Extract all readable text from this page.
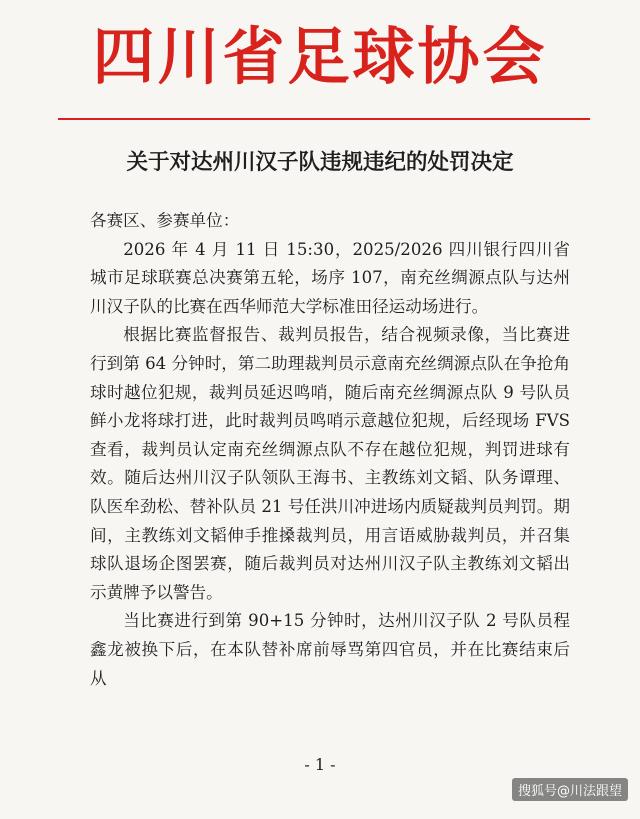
四川省足球协会
关于对达州川汉子队违规违纪的处罚决定

各赛区、参赛单位：

2026 年 4 月 11 日 15:30，2025/2026 四川银行四川省城市足球联赛总决赛第五轮，场序 107，南充丝绸源点队与达州川汉子队的比赛在西华师范大学标准田径运动场进行。

根据比赛监督报告、裁判员报告，结合视频录像，当比赛进行到第 64 分钟时，第二助理裁判员示意南充丝绸源点队在争抢角球时越位犯规，裁判员延迟鸣哨，随后南充丝绸源点队 9 号队员鲜小龙将球打进，此时裁判员鸣哨示意越位犯规，后经现场 FVS 查看，裁判员认定南充丝绸源点队不存在越位犯规，判罚进球有效。随后达州川汉子队领队王海书、主教练刘文韬、队务谭理、队医牟劲松、替补队员 21 号任洪川冲进场内质疑裁判员判罚。期间，主教练刘文韬伸手推搡裁判员，用言语威胁裁判员，并召集球队退场企图罢赛，随后裁判员对达州川汉子队主教练刘文韬出示黄牌予以警告。

当比赛进行到第 90+15 分钟时，达州川汉子队 2 号队员程鑫龙被换下后，在本队替补席前辱骂第四官员，并在比赛结束后从

- 1 -
搜狐号@川法跟望
